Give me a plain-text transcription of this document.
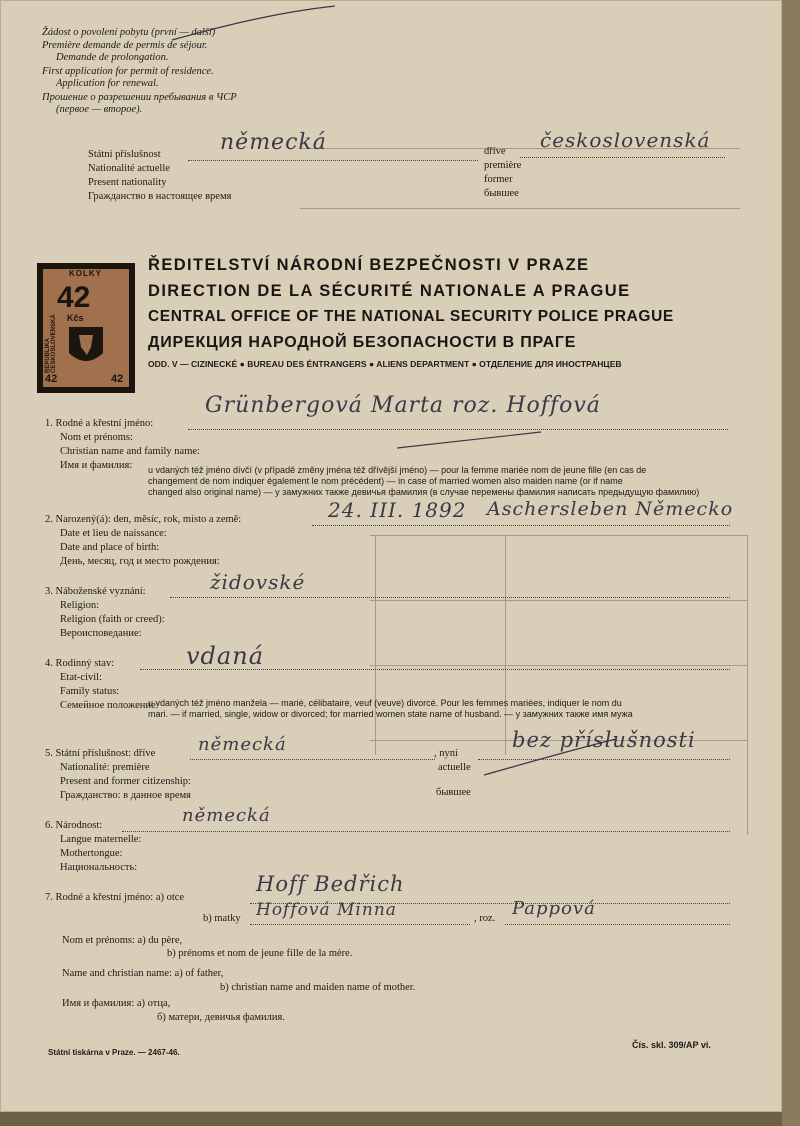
Žádost o povolení pobytu (první — další)
Première demande de permis de séjour.
Demande de prolongation.
First application for permit of residence.
Application for renewal.
Прошение о разрешении пребывания в ЧСР
(первое — второе).
Státní příslušnost	německá
Nationalité actuelle
Present nationality
Гражданство в настоящее время
dříve československá
première
former
бывшее
KOLKY
42
Kčs
REPUBLIKA ČESKOSLOVENSKÁ
42	42
ŘEDITELSTVÍ NÁRODNÍ BEZPEČNOSTI V PRAZE
DIRECTION DE LA SÉCURITÉ NATIONALE A PRAGUE
CENTRAL OFFICE OF THE NATIONAL SECURITY POLICE PRAGUE
ДИРЕКЦИЯ НАРОДНОЙ БЕЗОПАСНОСТИ В ПРАГЕ
ODD. V — CIZINECKÉ ● BUREAU DES ÉNTRANGERS ● ALIENS DEPARTMENT ● ОТДЕЛЕНИЕ ДЛЯ ИНОСТРАНЦЕВ
1. Rodné a křestní jméno:
Grünbergová Marta roz. Hoffová
Nom et prénoms:
Christian name and family name:
Имя и фамилия: u vdaných též jméno dívčí (v případě změny jména též dřívější jméno) — pour la femme mariée nom de jeune fille (en cas de
changement de nom indiquer également le nom précédent) — in case of married women also maiden name (or if name
changed also original name) — у замужних также девичья фамилия (в случае перемены фамилия написать предыдущую фамилию)
2. Narozený(á): den, měsíc, rok, místo a země:	24. III. 1892 Aschersleben Německo
Date et lieu de naissance:
Date and place of birth:
День, месяц, год и место рождения:
3. Náboženské vyznání:	židovské
Religion:
Religion (faith or creed):
Вероисповедание:
4. Rodinný stav:	vdaná
Etat-civil:
Family status:
Семейное положение:
u vdaných též jméno manžela — marié, célibataire, veuf (veuve) divorcé. Pour les femmes mariées, indiquer le nom du
mari. — if married, single, widow or divorced; for married women state name of husband. — у замужних также имя мужа
5. Státní příslušnost: dříve německá	, nyní
bez příslušnosti
Nationalité: première	actuelle
Present and former citizenship:
Гражданство: в данное время	бывшее
6. Národnost:	německá
Langue maternelle:
Mothertongue:
Национальность:
7. Rodné a křestní jméno: a) otce
Hoff Bedřich
b) matky Hoffová Minna	, roz. Pappová
Nom et prénoms: a) du père,
b) prénoms et nom de jeune fille de la mère.
Name and christian name: a) of father,
b) christian name and maiden name of mother.
Имя и фамилия: а) отца,
б) матери, девичья фамилия.
Státní tiskárna v Praze. — 2467-46.
Čís. skl. 309/AP vi.
